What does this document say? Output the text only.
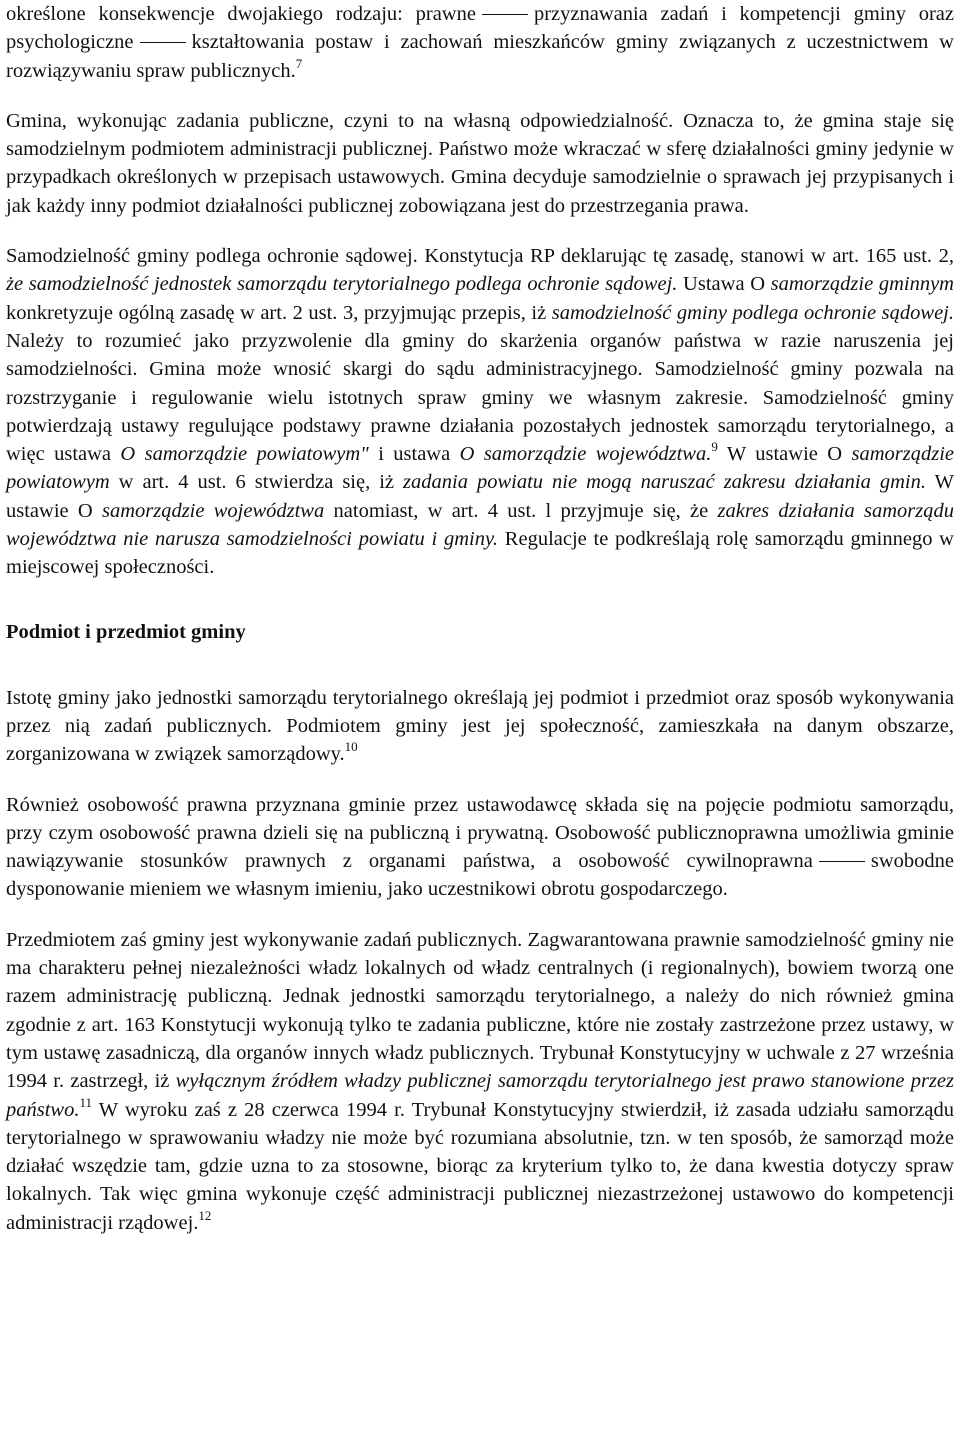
określone konsekwencje dwojakiego rodzaju: prawne	przyznawania zadań i kompetencji gminy oraz psychologiczne	kształtowania postaw i zachowań mieszkańców gminy związanych z uczestnictwem w rozwiązywaniu spraw publicznych.$^7$

Gmina, wykonując zadania publiczne, czyni to na własną odpowiedzialność. Oznacza to, że gmina staje się samodzielnym podmiotem administracji publicznej. Państwo może wkraczać w sferę działalności gminy jedynie w przypadkach określonych w przepisach ustawowych. Gmina decyduje samodzielnie o sprawach jej przypisanych i jak każdy inny podmiot działalności publicznej zobowiązana jest do przestrzegania prawa.

Samodzielność gminy podlega ochronie sądowej. Konstytucja RP deklarując tę zasadę, stanowi w art. 165 ust. 2, że samodzielność jednostek samorządu terytorialnego podlega ochronie sądowej. Ustawa O samorządzie gminnym konkretyzuje ogólną zasadę w art. 2 ust. 3, przyjmując przepis, iż samodzielność gminy podlega ochronie sądowej. Należy to rozumieć jako przyzwolenie dla gminy do skarżenia organów państwa w razie naruszenia jej samodzielności. Gmina może wnosić skargi do sądu administracyjnego. Samodzielność gminy pozwala na rozstrzyganie i regulowanie wielu istotnych spraw gminy we własnym zakresie. Samodzielność gminy potwierdzają ustawy regulujące podstawy prawne działania pozostałych jednostek samorządu terytorialnego, a więc ustawa O samorządzie powiatowym" i ustawa O samorządzie województwa.$^9$ W ustawie O samorządzie powiatowym w art. 4 ust. 6 stwierdza się, iż zadania powiatu nie mogą naruszać zakresu działania gmin. W ustawie O samorządzie województwa natomiast, w art. 4 ust. l przyjmuje się, że zakres działania samorządu województwa nie narusza samodzielności powiatu i gminy. Regulacje te podkreślają rolę samorządu gminnego w miejscowej społeczności.

Podmiot i przedmiot gminy

Istotę gminy jako jednostki samorządu terytorialnego określają jej podmiot i przedmiot oraz sposób wykonywania przez nią zadań publicznych. Podmiotem gminy jest jej społeczność, zamieszkała na danym obszarze, zorganizowana w związek samorządowy.$^{10}$

Również osobowość prawna przyznana gminie przez ustawodawcę składa się na pojęcie podmiotu samorządu, przy czym osobowość prawna dzieli się na publiczną i prywatną. Osobowość publicznoprawna umożliwia gminie nawiązywanie stosunków prawnych z organami państwa, a osobowość cywilnoprawna	swobodne dysponowanie mieniem we własnym imieniu, jako uczestnikowi obrotu gospodarczego.

Przedmiotem zaś gminy jest wykonywanie zadań publicznych. Zagwarantowana prawnie samodzielność gminy nie ma charakteru pełnej niezależności władz lokalnych od władz centralnych (i regionalnych), bowiem tworzą one razem administrację publiczną. Jednak jednostki samorządu terytorialnego, a należy do nich również gmina zgodnie z art. 163 Konstytucji wykonują tylko te zadania publiczne, które nie zostały zastrzeżone przez ustawy, w tym ustawę zasadniczą, dla organów innych władz publicznych. Trybunał Konstytucyjny w uchwale z 27 września 1994 r. zastrzegł, iż wyłącznym źródłem władzy publicznej samorządu terytorialnego jest prawo stanowione przez państwo.$^{11}$ W wyroku zaś z 28 czerwca 1994 r. Trybunał Konstytucyjny stwierdził, iż zasada udziału samorządu terytorialnego w sprawowaniu władzy nie może być rozumiana absolutnie, tzn. w ten sposób, że samorząd może działać wszędzie tam, gdzie uzna to za stosowne, biorąc za kryterium tylko to, że dana kwestia dotyczy spraw lokalnych. Tak więc gmina wykonuje część administracji publicznej niezastrzeżonej ustawowo do kompetencji administracji rządowej.$^{12}$
